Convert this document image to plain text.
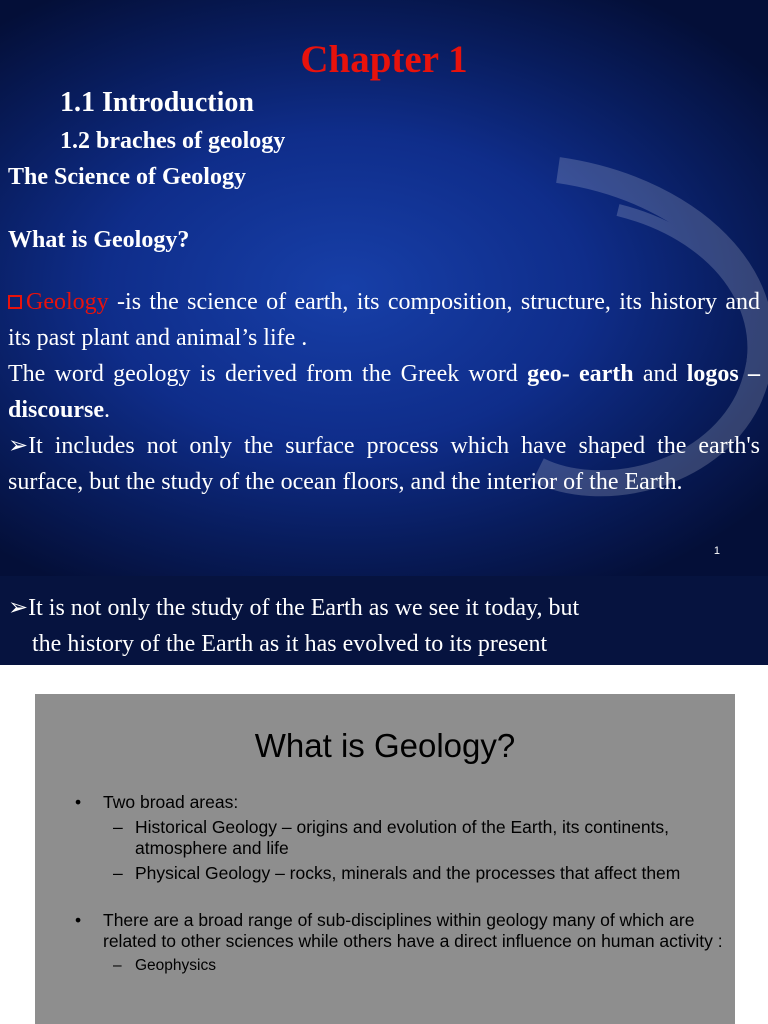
Chapter 1
1.1 Introduction
1.2 braches of geology
The Science of Geology
What is Geology?

Geology -is the science of earth, its composition, structure, its history and its past plant and animal’s life .

The word geology is derived from the Greek word geo- earth and logos –discourse.

➢It includes not only the surface process which have shaped the earth's surface, but the study of the ocean floors, and the interior of the Earth.

1

➢It is not only the study of the Earth as we see it today, but

the history of the Earth as it has evolved to its present

What is Geology?
• Two broad areas:
– Historical Geology – origins and evolution of the Earth, its continents, atmosphere and life
– Physical Geology – rocks, minerals and the processes that affect them
• There are a broad range of sub-disciplines within geology many of which are related to other sciences while others have a direct influence on human activity :
– Geophysics
